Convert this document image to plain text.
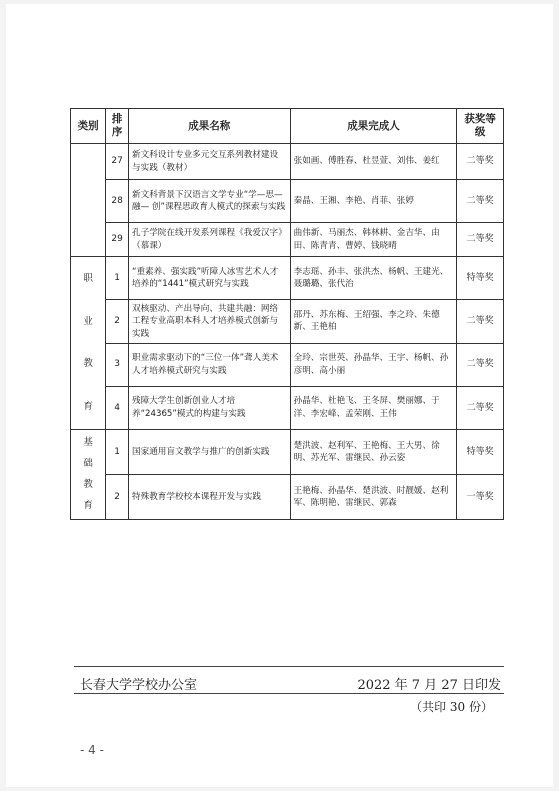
类别	排序	成果名称	成果完成人	获奖等级
	27	新文科设计专业多元交互系列教材建设与实践（教材）	张如画、傅胜春、杜昱萱、刘伟、姜红	二等奖
	28	新文科背景下汉语言文学专业“学—思—融— 创”课程思政育人模式的探索与实践	秦晶、王湘、李艳、肖菲、张婷	二等奖
	29	孔子学院在线开发系列课程《我爱汉字》（慕课）	曲伟新、马丽杰、韩林耕、金吉华、由田、陈青青、曹婷、钱晓晴	二等奖

职
业
教
育	1	“重素养、强实践”听障人冰雪艺术人才培养的“1441”模式研究与实践	李志瑶、孙丰、张洪杰、杨帆、王建光、聂璐璐、张代治	特等奖
	2	双核驱动、产出导向、共建共融：网络工程专业高职本科人才培养模式创新与实践	邵丹、苏东梅、王绍强、李之玲、朱德新、王艳柏	二等奖
	3	职业需求驱动下的“三位一体”聋人美术人才培养模式研究与实践	全玲、宗世英、孙晶华、王宇、杨帆、孙彦明、高小丽	二等奖
	4	残障大学生创新创业人才培养“24365”模式的构建与实践	孙晶华、杜艳飞、王冬屏、樊丽娜、于洋、李宏峰、孟荣刚、王伟	二等奖

基
础
教
育	1	国家通用盲文教学与推广的创新实践	楚洪波、赵利军、王艳梅、王大男、徐明、苏光军、雷继民、孙云姿	特等奖
	2	特殊教育学校校本课程开发与实践	王艳梅、孙晶华、楚洪波、时靓媛、赵利军、陈明艳、雷继民、郭森	一等奖
长春大学学校办公室	2022 年 7 月 27 日印发
（共印 30 份）
- 4 -
